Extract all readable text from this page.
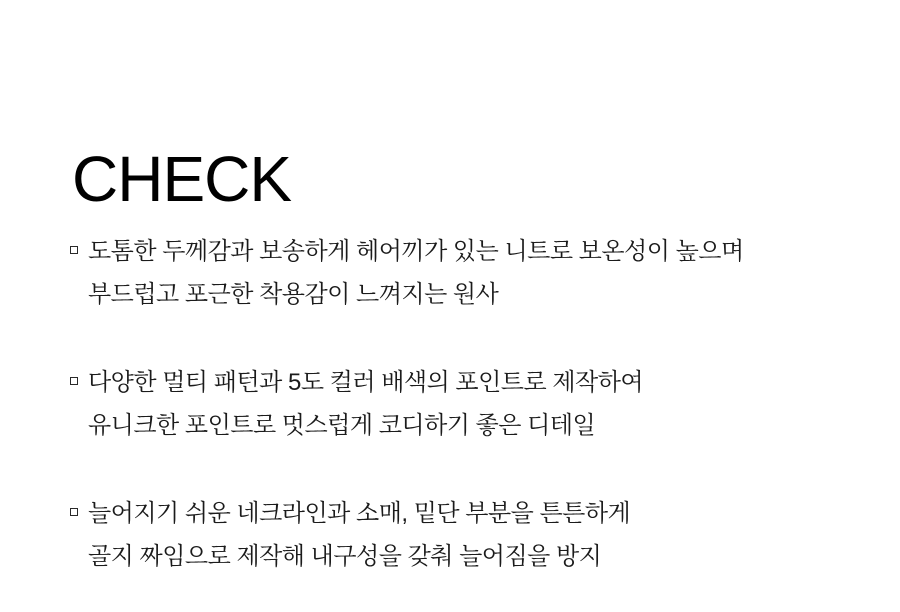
CHECK
도톰한 두께감과 보송하게 헤어끼가 있는 니트로 보온성이 높으며
부드럽고 포근한 착용감이 느껴지는 원사
다양한 멀티 패턴과 5도 컬러 배색의 포인트로 제작하여
유니크한 포인트로 멋스럽게 코디하기 좋은 디테일
늘어지기 쉬운 네크라인과 소매, 밑단 부분을 튼튼하게
골지 짜임으로 제작해 내구성을 갖춰 늘어짐을 방지
